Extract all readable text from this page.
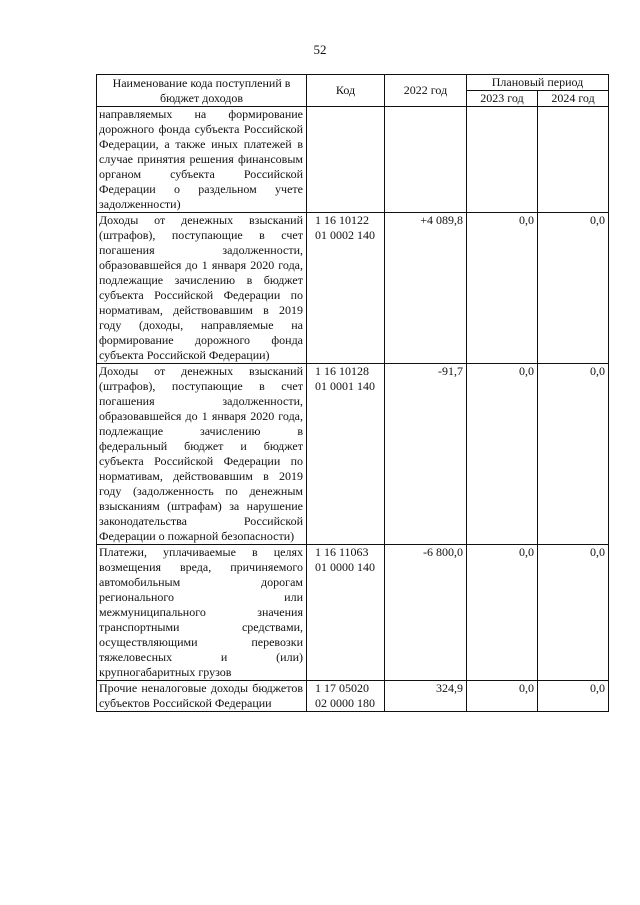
52
Наименование кода поступлений в бюджет доходов	Код	2022 год	Плановый период	
			2023 год	2024 год
направляемых на формирование дорожного фонда субъекта Российской Федерации, а также иных платежей в случае принятия решения финансовым органом субъекта Российской Федерации о раздельном учете задолженности)				
Доходы от денежных взысканий (штрафов), поступающие в счет погашения задолженности, образовавшейся до 1 января 2020 года, подлежащие зачислению в бюджет субъекта Российской Федерации по нормативам, действовавшим в 2019 году (доходы, направляемые на формирование дорожного фонда субъекта Российской Федерации)	1 16 10122 01 0002 140	+4 089,8	0,0	0,0
Доходы от денежных взысканий (штрафов), поступающие в счет погашения задолженности, образовавшейся до 1 января 2020 года, подлежащие зачислению в федеральный бюджет и бюджет субъекта Российской Федерации по нормативам, действовавшим в 2019 году (задолженность по денежным взысканиям (штрафам) за нарушение законодательства Российской Федерации о пожарной безопасности)	1 16 10128 01 0001 140	-91,7	0,0	0,0
Платежи, уплачиваемые в целях возмещения вреда, причиняемого автомобильным дорогам регионального или межмуниципального значения транспортными средствами, осуществляющими перевозки тяжеловесных и (или) крупногабаритных грузов	1 16 11063 01 0000 140	-6 800,0	0,0	0,0
Прочие неналоговые доходы бюджетов субъектов Российской Федерации	1 17 05020 02 0000 180	324,9	0,0	0,0
